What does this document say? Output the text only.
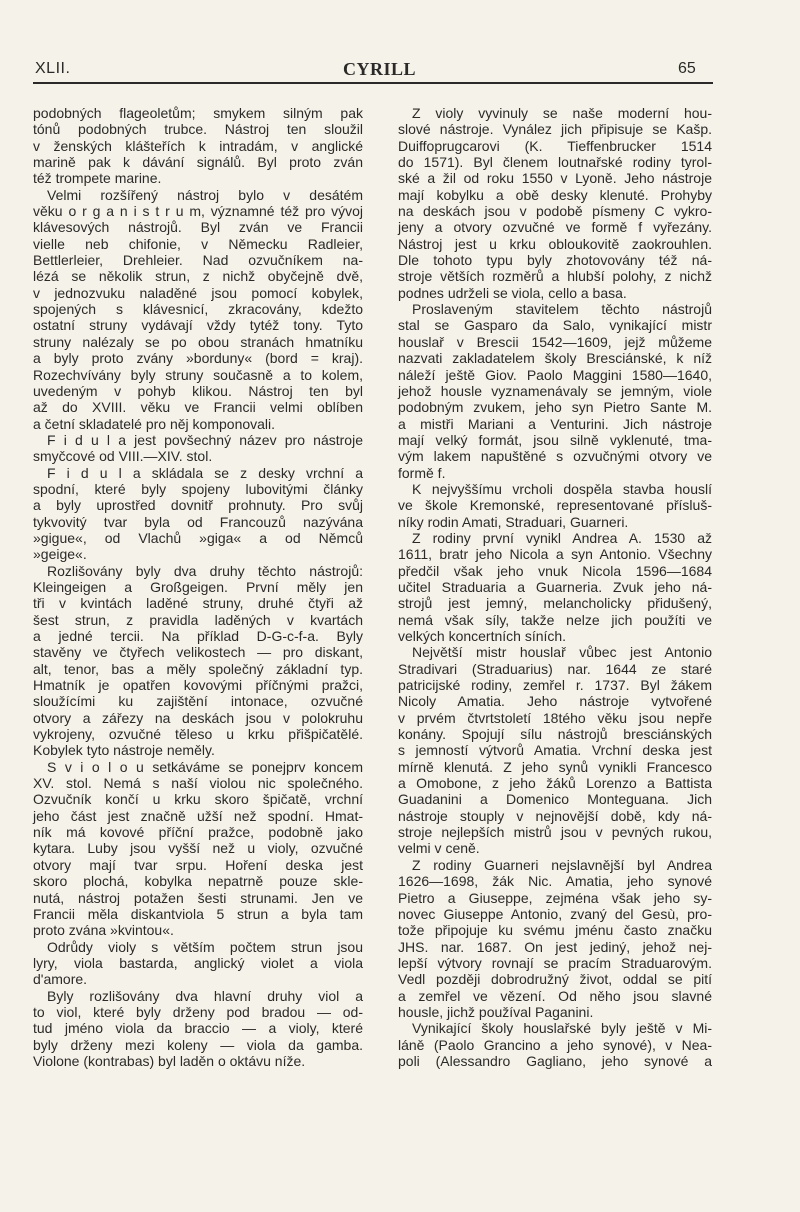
XLII.	CYRILL	65
podobných flageoletům; smykem silným pak
tónů podobných trubce. Nástroj ten sloužil
v ženských klášteřích k intradám, v anglické
marině pak k dávání signálů. Byl proto zván
též trompete marine.
Velmi rozšířený nástroj bylo v desátém
věku o r g a n i s t r u m, významné též pro vývoj
klávesových nástrojů. Byl zván ve Francii
vielle neb chifonie, v Německu Radleier,
Bettlerleier, Drehleier. Nad ozvučníkem na-
lézá se několik strun, z nichž obyčejně dvě,
v jednozvuku naladěné jsou pomocí kobylek,
spojených s klávesnicí, zkracovány, kdežto
ostatní struny vydávají vždy tytéž tony. Tyto
struny nalézaly se po obou stranách hmatníku
a byly proto zvány »borduny« (bord = kraj).
Rozechvívány byly struny současně a to kolem,
uvedeným v pohyb klikou. Nástroj ten byl
až do XVIII. věku ve Francii velmi oblíben
a četní skladatelé pro něj komponovali.
F i d u l a jest povšechný název pro nástroje
smyčcové od VIII.—XIV. stol.
F i d u l a skládala se z desky vrchní a
spodní, které byly spojeny lubovitými články
a byly uprostřed dovnitř prohnuty. Pro svůj
tykvovitý tvar byla od Francouzů nazývána
»gigue«, od Vlachů »giga« a od Němců
»geige«.
Rozlišovány byly dva druhy těchto nástrojů:
Kleingeigen a Großgeigen. První měly jen
tři v kvintách laděné struny, druhé čtyři až
šest strun, z pravidla laděných v kvartách
a jedné tercii. Na příklad D-G-c-f-a. Byly
stavěny ve čtyřech velikostech — pro diskant,
alt, tenor, bas a měly společný základní typ.
Hmatník je opatřen kovovými příčnými pražci,
sloužícími ku zajištění intonace, ozvučné
otvory a zářezy na deskách jsou v polokruhu
vykrojeny, ozvučné těleso u krku přišpičatělé.
Kobylek tyto nástroje neměly.
S v i o l o u setkáváme se ponejprv koncem
XV. stol. Nemá s naší violou nic společného.
Ozvučník končí u krku skoro špičatě, vrchní
jeho část jest značně užší než spodní. Hmat-
ník má kovové příční pražce, podobně jako
kytara. Luby jsou vyšší než u violy, ozvučné
otvory mají tvar srpu. Hoření deska jest
skoro plochá, kobylka nepatrně pouze skle-
nutá, nástroj potažen šesti strunami. Jen ve
Francii měla diskantviola 5 strun a byla tam
proto zvána »kvintou«.
Odrůdy violy s větším počtem strun jsou
lyry, viola bastarda, anglický violet a viola
d'amore.
Byly rozlišovány dva hlavní druhy viol a
to viol, které byly drženy pod bradou — od-
tud jméno viola da braccio — a violy, které
byly drženy mezi koleny — viola da gamba.
Violone (kontrabas) byl laděn o oktávu níže.
Z violy vyvinuly se naše moderní hou-
slové nástroje. Vynález jich připisuje se Kašp.
Duiffoprugcarovi (K. Tieffenbrucker 1514
do 1571). Byl členem loutnařské rodiny tyrol-
ské a žil od roku 1550 v Lyoně. Jeho nástroje
mají kobylku a obě desky klenuté. Prohyby
na deskách jsou v podobě písmeny C vykro-
jeny a otvory ozvučné ve formě f vyřezány.
Nástroj jest u krku obloukovitě zaokrouhlen.
Dle tohoto typu byly zhotovovány též ná-
stroje větších rozměrů a hlubší polohy, z nichž
podnes udrželi se viola, cello a basa.
Proslaveným stavitelem těchto nástrojů
stal se Gasparo da Salo, vynikající mistr
houslař v Brescii 1542—1609, jejž můžeme
nazvati zakladatelem školy Bresciánské, k níž
náleží ještě Giov. Paolo Maggini 1580—1640,
jehož housle vyznamenávaly se jemným, viole
podobným zvukem, jeho syn Pietro Sante M.
a mistři Mariani a Venturini. Jich nástroje
mají velký formát, jsou silně vyklenuté, tma-
vým lakem napuštěné s ozvučnými otvory ve
formě f.
K nejvyššímu vrcholi dospěla stavba houslí
ve škole Kremonské, representované přísluš-
níky rodin Amati, Straduari, Guarneri.
Z rodiny první vynikl Andrea A. 1530 až
1611, bratr jeho Nicola a syn Antonio. Všechny
předčil však jeho vnuk Nicola 1596—1684
učitel Straduaria a Guarneria. Zvuk jeho ná-
strojů jest jemný, melancholicky přidušený,
nemá však síly, takže nelze jich použíti ve
velkých koncertních síních.
Největší mistr houslař vůbec jest Antonio
Stradivari (Straduarius) nar. 1644 ze staré
patricijské rodiny, zemřel r. 1737. Byl žákem
Nicoly Amatia. Jeho nástroje vytvořené
v prvém čtvrtstoletí 18tého věku jsou nepře
konány. Spojují sílu nástrojů bresciánských
s jemností výtvorů Amatia. Vrchní deska jest
mírně klenutá. Z jeho synů vynikli Francesco
a Omobone, z jeho žáků Lorenzo a Battista
Guadanini a Domenico Monteguana. Jich
nástroje stouply v nejnovější době, kdy ná-
stroje nejlepších mistrů jsou v pevných rukou,
velmi v ceně.
Z rodiny Guarneri nejslavnější byl Andrea
1626—1698, žák Nic. Amatia, jeho synové
Pietro a Giuseppe, zejména však jeho sy-
novec Giuseppe Antonio, zvaný del Gesù, pro-
tože připojuje ku svému jménu často značku
JHS. nar. 1687. On jest jediný, jehož nej-
lepší výtvory rovnají se pracím Straduarovým.
Vedl později dobrodružný život, oddal se pití
a zemřel ve vězení. Od něho jsou slavné
housle, jichž používal Paganini.
Vynikající školy houslařské byly ještě v Mi-
láně (Paolo Grancino a jeho synové), v Nea-
poli (Alessandro Gagliano, jeho synové a
